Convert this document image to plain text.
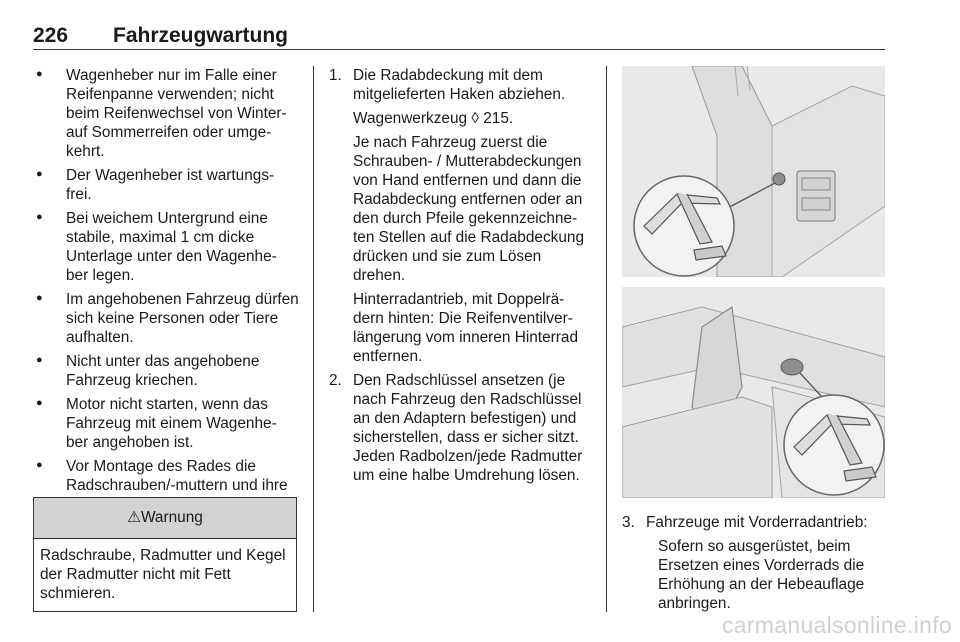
226 Fahrzeugwartung
● Wagenheber nur im Falle einer Reifenpanne verwenden; nicht beim Reifenwechsel von Winter- auf Sommerreifen oder umge- kehrt.
● Der Wagenheber ist wartungs- frei.
● Bei weichem Untergrund eine stabile, maximal 1 cm dicke Unterlage unter den Wagenhe- ber legen.
● Im angehobenen Fahrzeug dürfen sich keine Personen oder Tiere aufhalten.
● Nicht unter das angehobene Fahrzeug kriechen.
● Motor nicht starten, wenn das Fahrzeug mit einem Wagenhe- ber angehoben ist.
● Vor Montage des Rades die Radschrauben/-muttern und ihre
⚠Warnung
Radschraube, Radmutter und Kegel der Radmutter nicht mit Fett schmieren.
1. Die Radabdeckung mit dem mitgelieferten Haken abziehen.
Wagenwerkzeug ◊ 215.
Je nach Fahrzeug zuerst die Schrauben- / Mutterabdeckungen von Hand entfernen und dann die Radabdeckung entfernen oder an den durch Pfeile gekennzeichne- ten Stellen auf die Radabdeckung drücken und sie zum Lösen drehen.
Hinterradantrieb, mit Doppelrä- dern hinten: Die Reifenventilver- längerung vom inneren Hinterrad entfernen.
2. Den Radschlüssel ansetzen (je nach Fahrzeug den Radschlüssel an den Adaptern befestigen) und sicherstellen, dass er sicher sitzt. Jeden Radbolzen/jede Radmutter um eine halbe Umdrehung lösen.
3. Fahrzeuge mit Vorderradantrieb:
Sofern so ausgerüstet, beim Ersetzen eines Vorderrads die Erhöhung an der Hebeauflage anbringen.
carmanualsonline.info
